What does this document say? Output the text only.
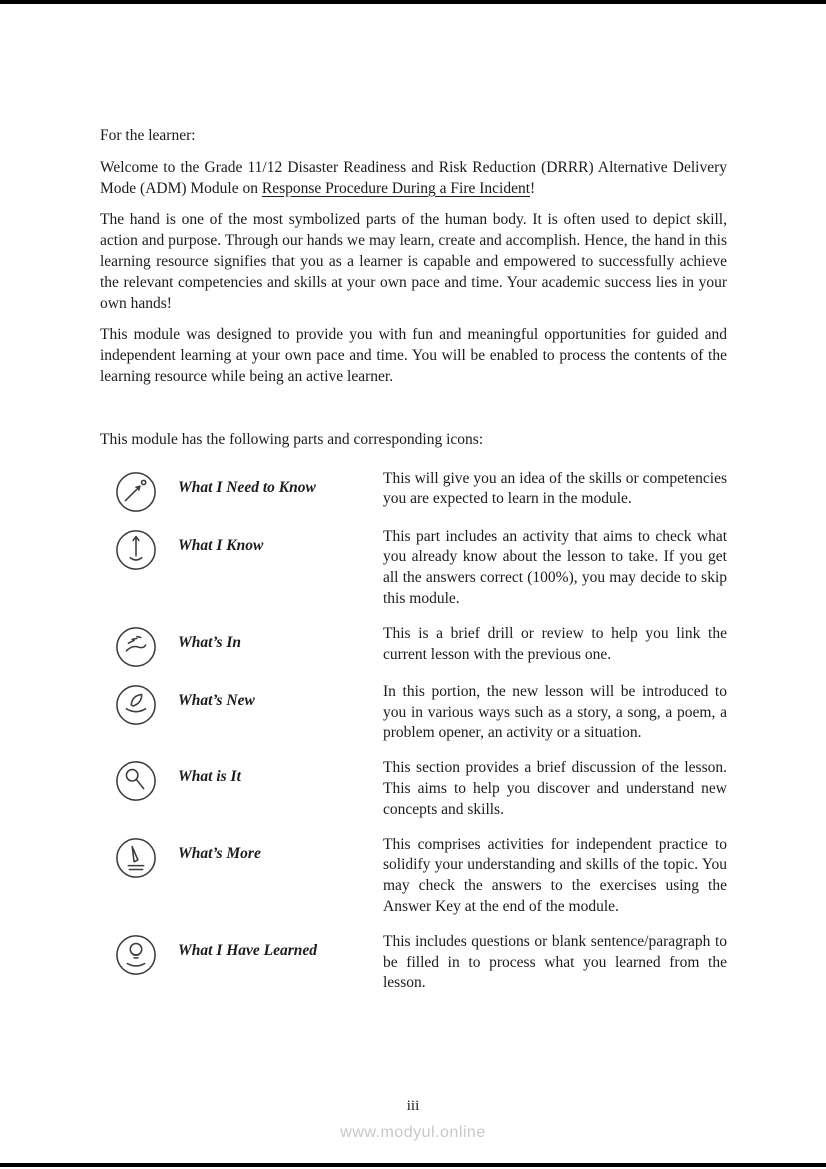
For the learner:

Welcome to the Grade 11/12 Disaster Readiness and Risk Reduction (DRRR) Alternative Delivery Mode (ADM) Module on Response Procedure During a Fire Incident!

The hand is one of the most symbolized parts of the human body. It is often used to depict skill, action and purpose. Through our hands we may learn, create and accomplish. Hence, the hand in this learning resource signifies that you as a learner is capable and empowered to successfully achieve the relevant competencies and skills at your own pace and time. Your academic success lies in your own hands!

This module was designed to provide you with fun and meaningful opportunities for guided and independent learning at your own pace and time. You will be enabled to process the contents of the learning resource while being an active learner.

This module has the following parts and corresponding icons:

What I Need to Know
This will give you an idea of the skills or competencies you are expected to learn in the module.
What I Know
This part includes an activity that aims to check what you already know about the lesson to take. If you get all the answers correct (100%), you may decide to skip this module.
What’s In
This is a brief drill or review to help you link the current lesson with the previous one.
What’s New
In this portion, the new lesson will be introduced to you in various ways such as a story, a song, a poem, a problem opener, an activity or a situation.
What is It
This section provides a brief discussion of the lesson. This aims to help you discover and understand new concepts and skills.
What’s More
This comprises activities for independent practice to solidify your understanding and skills of the topic. You may check the answers to the exercises using the Answer Key at the end of the module.
What I Have Learned
This includes questions or blank sentence/paragraph to be filled in to process what you learned from the lesson.
iii
www.modyul.online
